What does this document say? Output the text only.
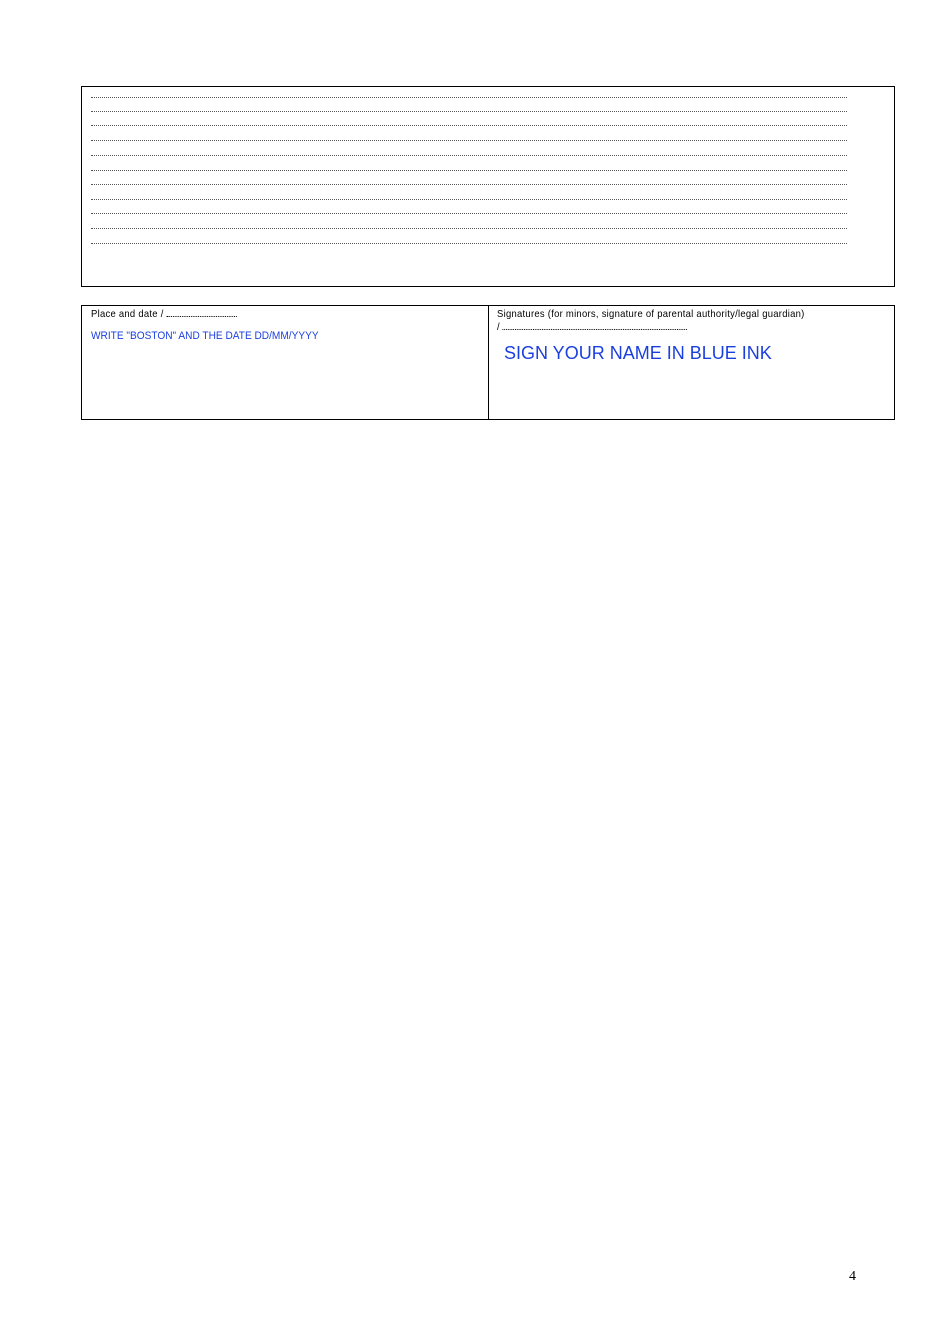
Place and date /
WRITE "BOSTON" AND THE DATE DD/MM/YYYY
Signatures (for minors, signature of parental authority/legal guardian)
/
SIGN YOUR NAME IN BLUE INK
4
